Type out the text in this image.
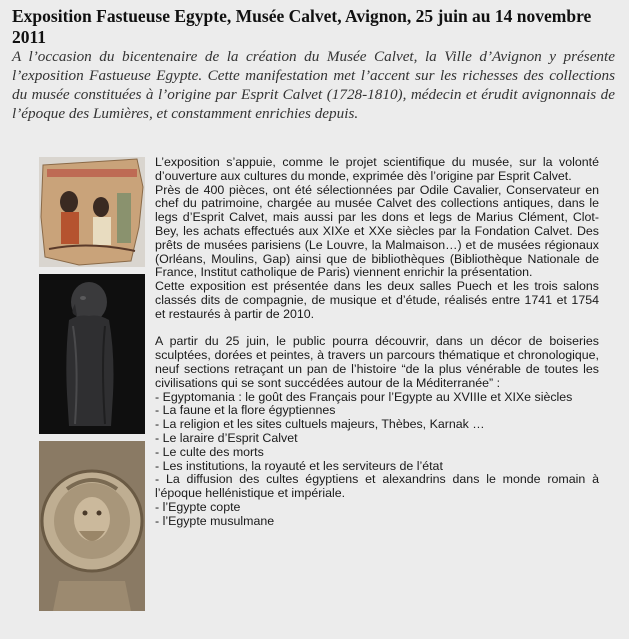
Exposition Fastueuse Egypte, Musée Calvet, Avignon, 25 juin au 14 novembre 2011

A l’occasion du bicentenaire de la création du Musée Calvet, la Ville d’Avignon y présente l’exposition Fastueuse Egypte. Cette manifestation met l’accent sur les richesses des collections du musée constituées à l’origine par Esprit Calvet (1728-1810), médecin et érudit avignonnais de l’époque des Lumières, et constamment enrichies depuis.

L’exposition s’appuie, comme le projet scientifique du musée, sur la volonté d’ouverture aux cultures du monde, exprimée dès l’origine par Esprit Calvet.

Près de 400 pièces, ont été sélectionnées par Odile Cavalier, Conservateur en chef du patrimoine, chargée au musée Calvet des collections antiques, dans le legs d’Esprit Calvet, mais aussi par les dons et legs de Marius Clément, Clot-Bey, les achats effectués aux XIXe et XXe siècles par la Fondation Calvet. Des prêts de musées parisiens (Le Louvre, la Malmaison…) et de musées régionaux (Orléans, Moulins, Gap) ainsi que de bibliothèques (Bibliothèque Nationale de France, Institut catholique de Paris) viennent enrichir la présentation.

Cette exposition est présentée dans les deux salles Puech et les trois salons classés dits de compagnie, de musique et d’étude, réalisés entre 1741 et 1754 et restaurés à partir de 2010.

A partir du 25 juin, le public pourra découvrir, dans un décor de boiseries sculptées, dorées et peintes, à travers un parcours thématique et chronologique, neuf sections retraçant un pan de l’histoire “de la plus vénérable de toutes les civilisations qui se sont succédées autour de la Méditerranée” :

- Egyptomania : le goût des Français pour l’Egypte au XVIIIe et XIXe siècles
- La faune et la flore égyptiennes
- La religion et les sites cultuels majeurs, Thèbes, Karnak …
- Le laraire d’Esprit Calvet
- Le culte des morts
- Les institutions, la royauté et les serviteurs de l’état
- La diffusion des cultes égyptiens et alexandrins dans le monde romain à l’époque hellénistique et impériale.
- l’Egypte copte
- l’Egypte musulmane
